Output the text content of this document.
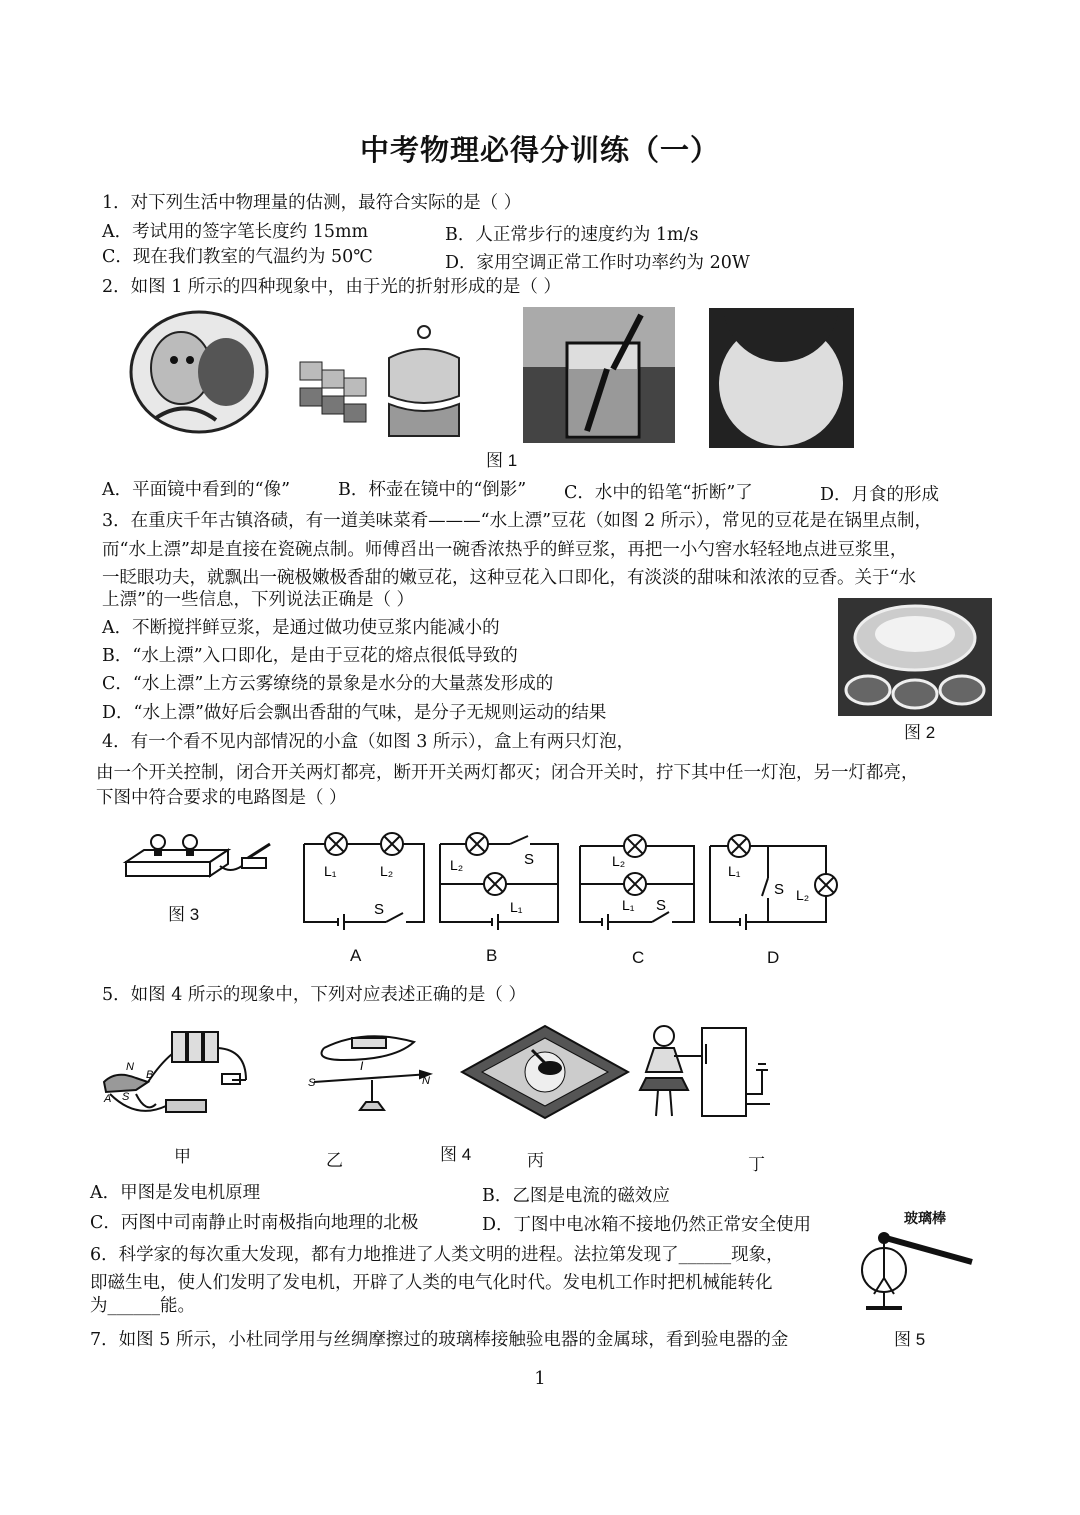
中考物理必得分训练（一）
1．对下列生活中物理量的估测，最符合实际的是（ ）
A．考试用的签字笔长度约 15mm	B．人正常步行的速度约为 1m/s
C．现在我们教室的气温约为 50℃	D．家用空调正常工作时功率约为 20W
2．如图 1 所示的四种现象中，由于光的折射形成的是（ ）
图 1
A．平面镜中看到的“像”	B．杯壶在镜中的“倒影” C．水中的铅笔“折断”了	D．月食的形成
3．在重庆千年古镇洛碛，有一道美味菜肴———“水上漂”豆花（如图 2 所示），常见的豆花是在锅里点制，
而“水上漂”却是直接在瓷碗点制。师傅舀出一碗香浓热乎的鲜豆浆，再把一小勺窖水轻轻地点进豆浆里，
一眨眼功夫，就飘出一碗极嫩极香甜的嫩豆花，这种豆花入口即化，有淡淡的甜味和浓浓的豆香。关于“水
上漂”的一些信息，下列说法正确是（ ）
A．不断搅拌鲜豆浆，是通过做功使豆浆内能减小的
B．“水上漂”入口即化，是由于豆花的熔点很低导致的
C．“水上漂”上方云雾缭绕的景象是水分的大量蒸发形成的
D．“水上漂”做好后会飘出香甜的气味，是分子无规则运动的结果
图 2
4．有一个看不见内部情况的小盒（如图 3 所示），盒上有两只灯泡，
由一个开关控制，闭合开关两灯都亮，断开开关两灯都灭；闭合开关时，拧下其中任一灯泡，另一灯都亮，
下图中符合要求的电路图是（ ）
图 3
L₁	L₂
S
L₂	S
L₁
L₂
L₁ S
L₁
S L₂
A	B	C	D
5．如图 4 所示的现象中，下列对应表述正确的是（ ）
N
B
A S
I
S	N
甲	乙	图 4	丙	丁
A．甲图是发电机原理	B．乙图是电流的磁效应
C．丙图中司南静止时南极指向地理的北极	D．丁图中电冰箱不接地仍然正常安全使用
6．科学家的每次重大发现，都有力地推进了人类文明的进程。法拉第发现了______现象，
即磁生电，使人们发明了发电机，开辟了人类的电气化时代。发电机工作时把机械能转化
为______能。
7．如图 5 所示，小杜同学用与丝绸摩擦过的玻璃棒接触验电器的金属球，看到验电器的金
玻璃棒
图 5
1
